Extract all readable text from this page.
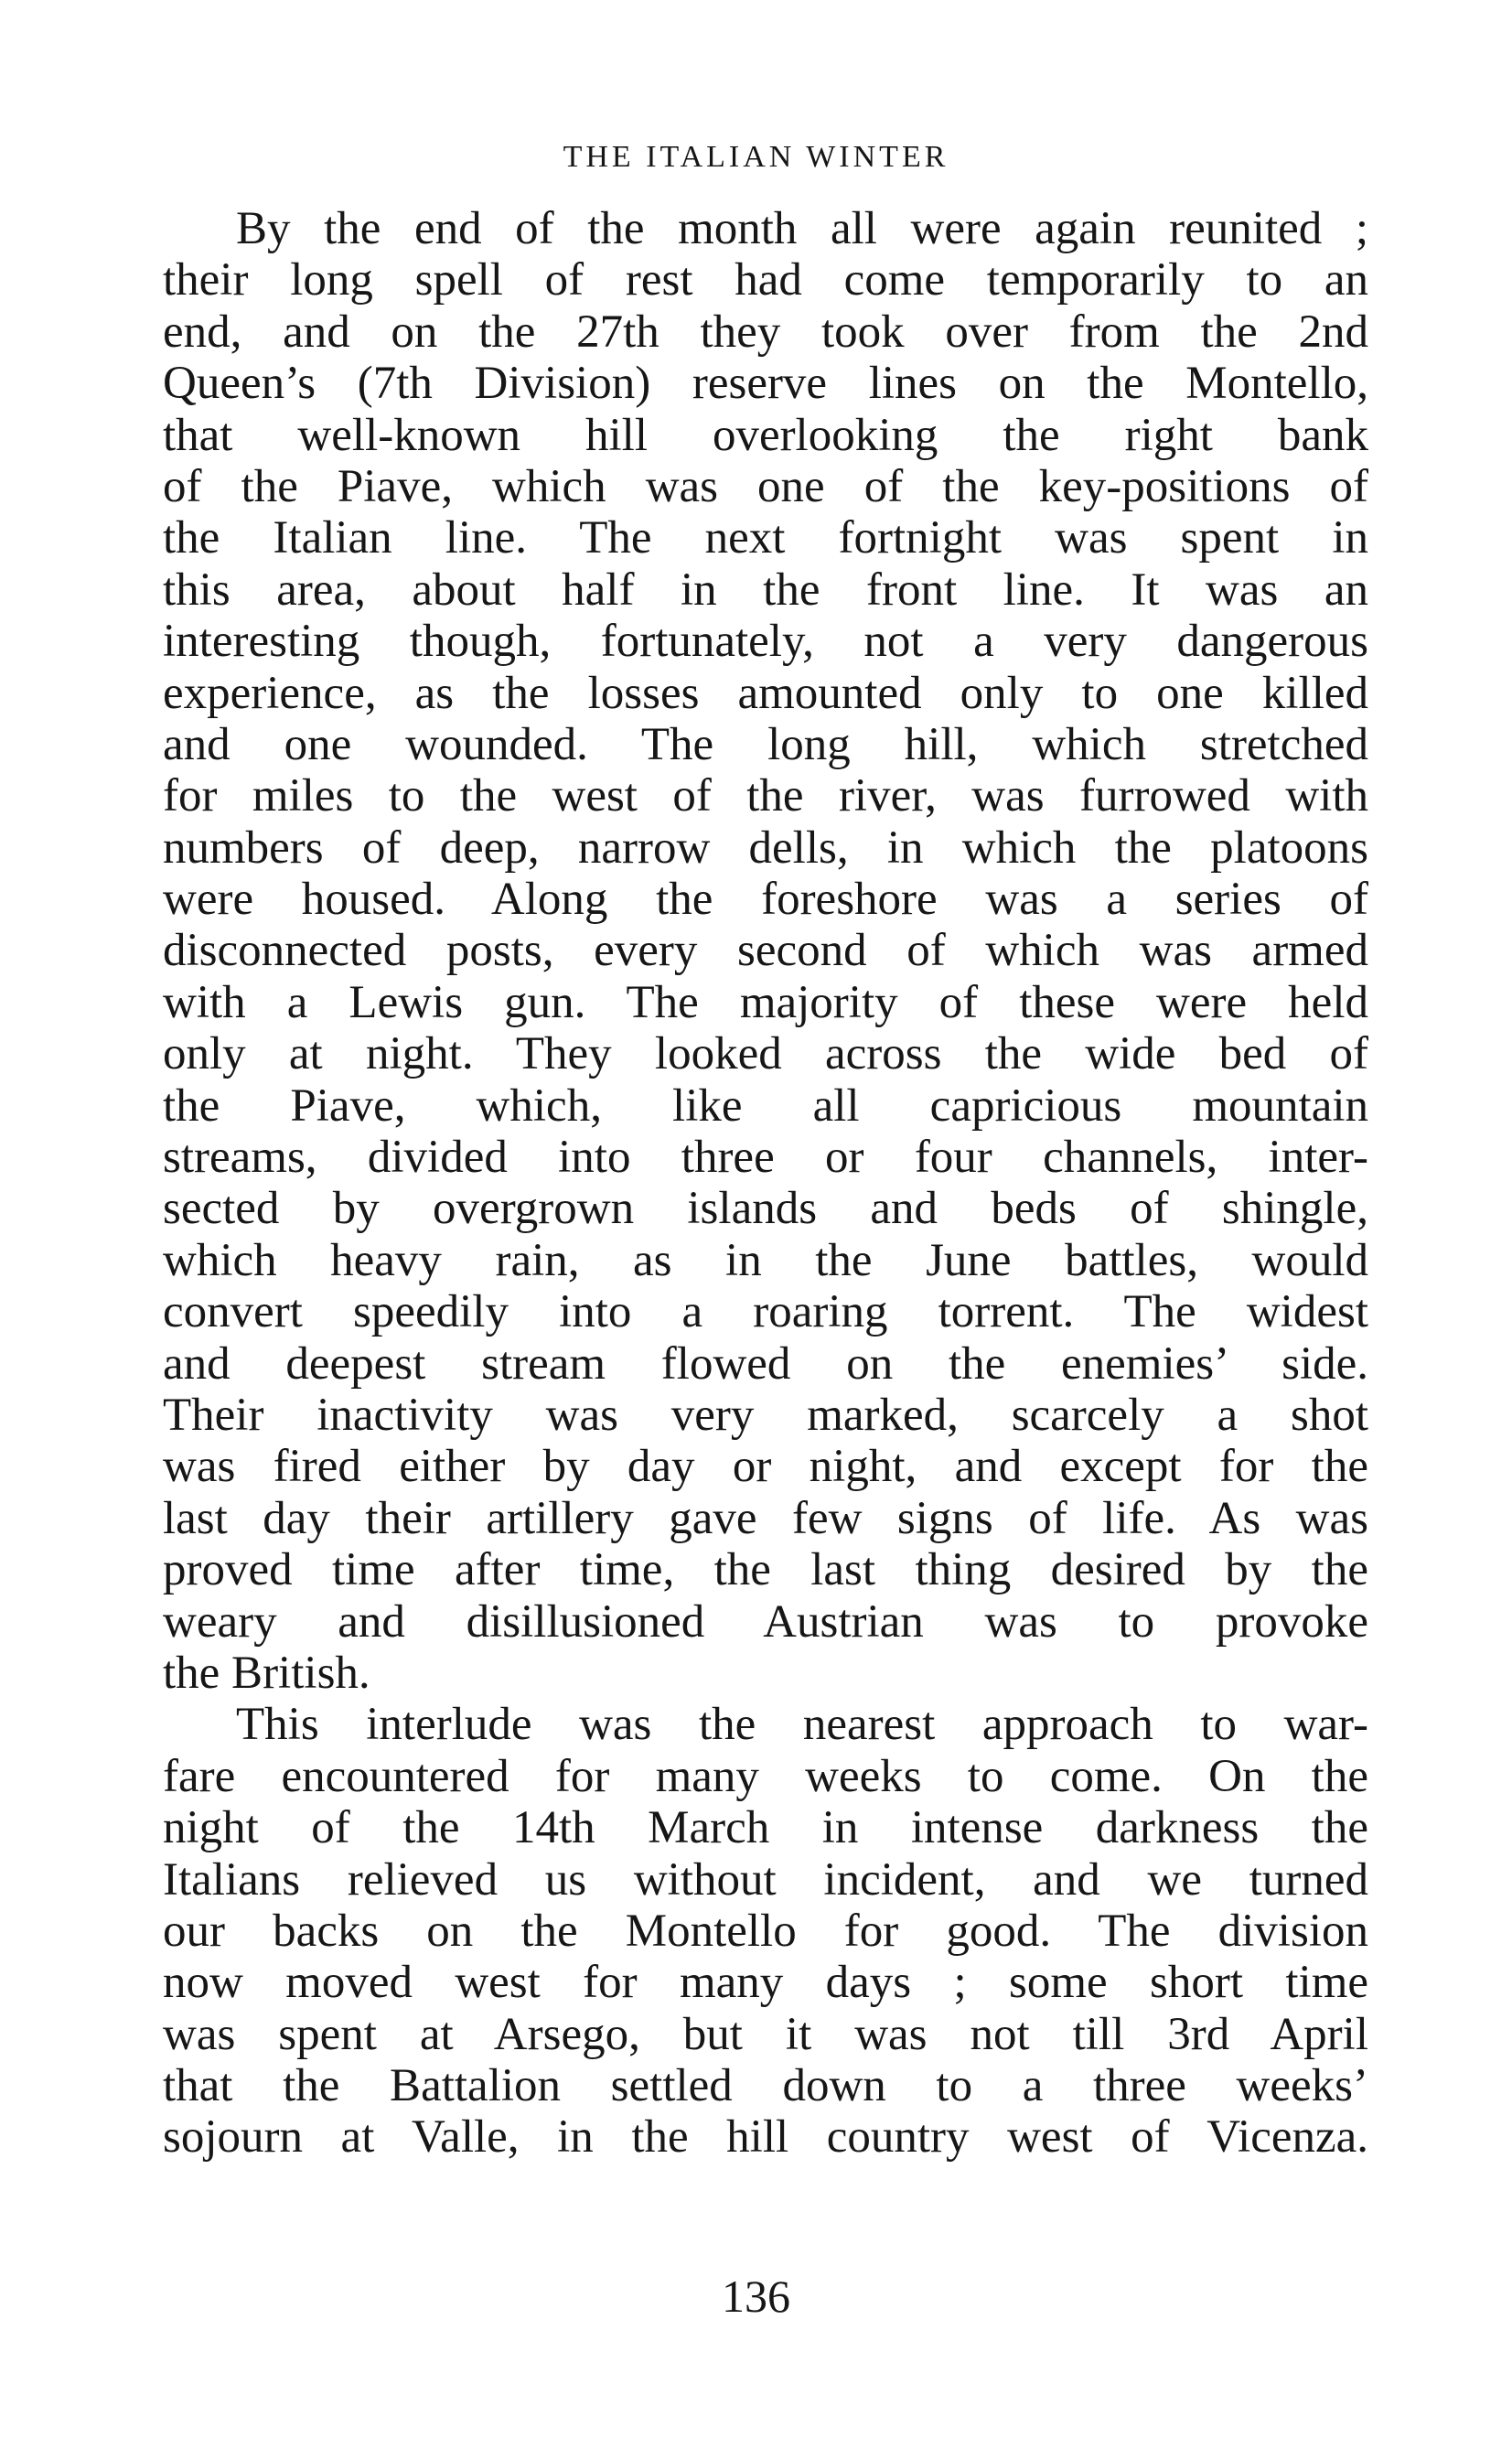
THE ITALIAN WINTER
By the end of the month all were again reunited ;
their long spell of rest had come temporarily to an
end, and on the 27th they took over from the 2nd
Queen’s (7th Division) reserve lines on the Montello,
that well-known hill overlooking the right bank
of the Piave, which was one of the key-positions of
the Italian line. The next fortnight was spent in
this area, about half in the front line. It was an
interesting though, fortunately, not a very dangerous
experience, as the losses amounted only to one killed
and one wounded. The long hill, which stretched
for miles to the west of the river, was furrowed with
numbers of deep, narrow dells, in which the platoons
were housed. Along the foreshore was a series of
disconnected posts, every second of which was armed
with a Lewis gun. The majority of these were held
only at night. They looked across the wide bed of
the Piave, which, like all capricious mountain
streams, divided into three or four channels, inter-
sected by overgrown islands and beds of shingle,
which heavy rain, as in the June battles, would
convert speedily into a roaring torrent. The widest
and deepest stream flowed on the enemies’ side.
Their inactivity was very marked, scarcely a shot
was fired either by day or night, and except for the
last day their artillery gave few signs of life. As was
proved time after time, the last thing desired by the
weary and disillusioned Austrian was to provoke
the British.
This interlude was the nearest approach to war-
fare encountered for many weeks to come. On the
night of the 14th March in intense darkness the
Italians relieved us without incident, and we turned
our backs on the Montello for good. The division
now moved west for many days ; some short time
was spent at Arsego, but it was not till 3rd April
that the Battalion settled down to a three weeks’
sojourn at Valle, in the hill country west of Vicenza.
136
